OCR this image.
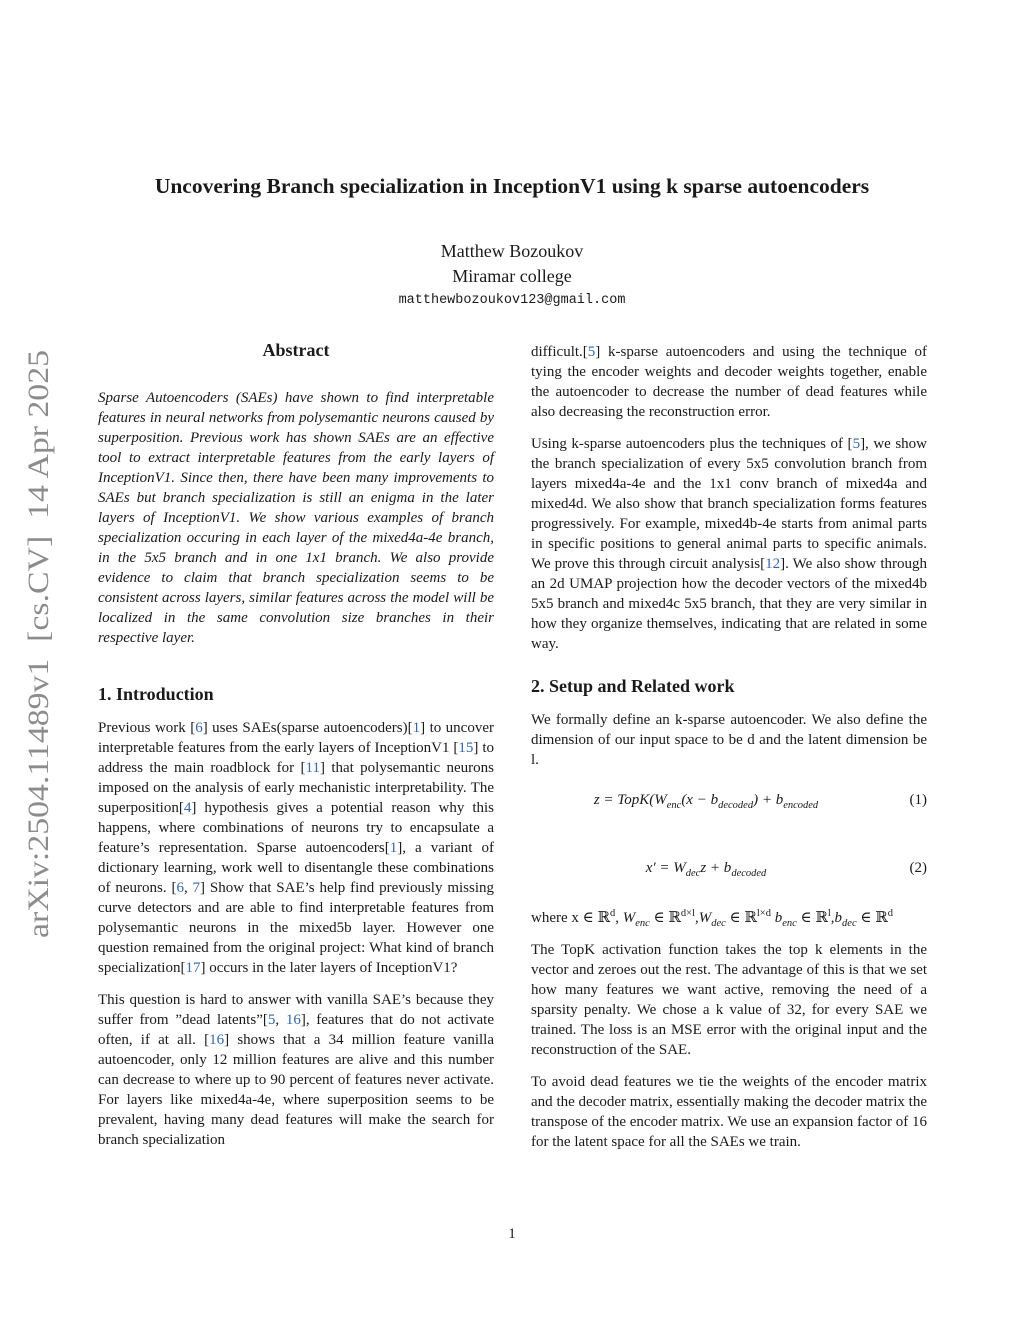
Uncovering Branch specialization in InceptionV1 using k sparse autoencoders
Matthew Bozoukov
Miramar college
matthewbozoukov123@gmail.com
arXiv:2504.11489v1  [cs.CV]  14 Apr 2025
Abstract

Sparse Autoencoders (SAEs) have shown to find interpretable features in neural networks from polysemantic neurons caused by superposition. Previous work has shown SAEs are an effective tool to extract interpretable features from the early layers of InceptionV1. Since then, there have been many improvements to SAEs but branch specialization is still an enigma in the later layers of InceptionV1. We show various examples of branch specialization occuring in each layer of the mixed4a-4e branch, in the 5x5 branch and in one 1x1 branch. We also provide evidence to claim that branch specialization seems to be consistent across layers, similar features across the model will be localized in the same convolution size branches in their respective layer.

1. Introduction

Previous work [6] uses SAEs(sparse autoencoders)[1] to uncover interpretable features from the early layers of InceptionV1 [15] to address the main roadblock for [11] that polysemantic neurons imposed on the analysis of early mechanistic interpretability. The superposition[4] hypothesis gives a potential reason why this happens, where combinations of neurons try to encapsulate a feature’s representation. Sparse autoencoders[1], a variant of dictionary learning, work well to disentangle these combinations of neurons. [6, 7] Show that SAE’s help find previously missing curve detectors and are able to find interpretable features from polysemantic neurons in the mixed5b layer. However one question remained from the original project: What kind of branch specialization[17] occurs in the later layers of InceptionV1?

This question is hard to answer with vanilla SAE’s because they suffer from ”dead latents”[5, 16], features that do not activate often, if at all. [16] shows that a 34 million feature vanilla autoencoder, only 12 million features are alive and this number can decrease to where up to 90 percent of features never activate. For layers like mixed4a-4e, where superposition seems to be prevalent, having many dead features will make the search for branch specialization

difficult.[5] k-sparse autoencoders and using the technique of tying the encoder weights and decoder weights together, enable the autoencoder to decrease the number of dead features while also decreasing the reconstruction error.

Using k-sparse autoencoders plus the techniques of [5], we show the branch specialization of every 5x5 convolution branch from layers mixed4a-4e and the 1x1 conv branch of mixed4a and mixed4d. We also show that branch specialization forms features progressively. For example, mixed4b-4e starts from animal parts in specific positions to general animal parts to specific animals. We prove this through circuit analysis[12]. We also show through an 2d UMAP projection how the decoder vectors of the mixed4b 5x5 branch and mixed4c 5x5 branch, that they are very similar in how they organize themselves, indicating that are related in some way.

2. Setup and Related work

We formally define an k-sparse autoencoder. We also define the dimension of our input space to be d and the latent dimension be l.

$z = TopK(W_{enc}(x - b_{decoded}) + b_{encoded}$	(1)
$x' = W_{dec}z + b_{decoded}$	(2)

where x ∈ ℝ$^d$, $W_{enc}$ ∈ $ℝ^{d\times l},W_{dec}$ ∈ ℝ$^{l\times d}$ $b_{enc}$ ∈ $ℝ^l,b_{dec}$ ∈ ℝ$^d$

The TopK activation function takes the top k elements in the vector and zeroes out the rest. The advantage of this is that we set how many features we want active, removing the need of a sparsity penalty. We chose a k value of 32, for every SAE we trained. The loss is an MSE error with the original input and the reconstruction of the SAE.

To avoid dead features we tie the weights of the encoder matrix and the decoder matrix, essentially making the decoder matrix the transpose of the encoder matrix. We use an expansion factor of 16 for the latent space for all the SAEs we train.

1
